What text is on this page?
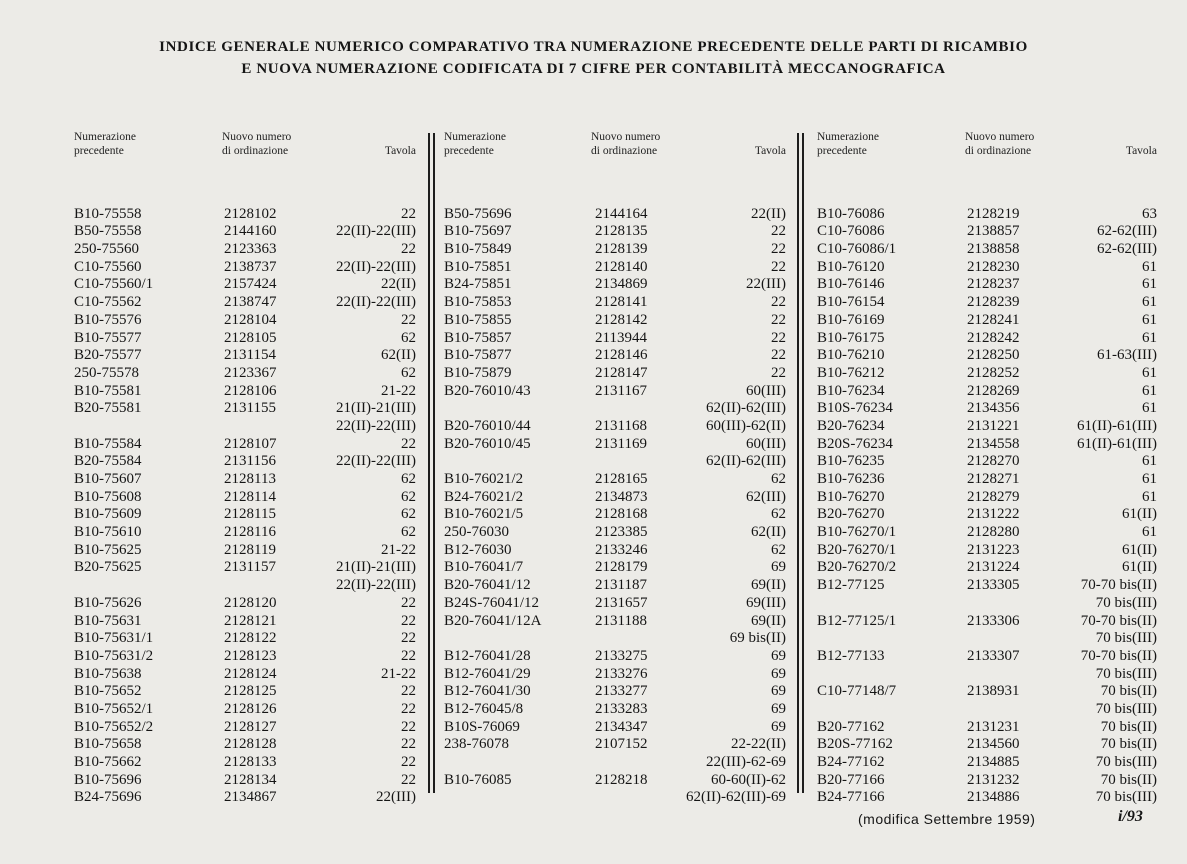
INDICE GENERALE NUMERICO COMPARATIVO TRA NUMERAZIONE PRECEDENTE DELLE PARTI DI RICAMBIO
E NUOVA NUMERAZIONE CODIFICATA DI 7 CIFRE PER CONTABILITÀ MECCANOGRAFICA
Numerazione
precedente
Nuovo numero
di ordinazione	Tavola
B10-75558	2128102	22
B50-75558	2144160	22(II)-22(III)
250-75560	2123363	22
C10-75560	2138737	22(II)-22(III)
C10-75560/1	2157424	22(II)
C10-75562	2138747	22(II)-22(III)
B10-75576	2128104	22
B10-75577	2128105	62
B20-75577	2131154	62(II)
250-75578	2123367	62
B10-75581	2128106	21-22
B20-75581	2131155	21(II)-21(III)
22(II)-22(III)
B10-75584	2128107	22
B20-75584	2131156	22(II)-22(III)
B10-75607	2128113	62
B10-75608	2128114	62
B10-75609	2128115	62
B10-75610	2128116	62
B10-75625	2128119	21-22
B20-75625	2131157	21(II)-21(III)
22(II)-22(III)
B10-75626	2128120	22
B10-75631	2128121	22
B10-75631/1	2128122	22
B10-75631/2	2128123	22
B10-75638	2128124	21-22
B10-75652	2128125	22
B10-75652/1	2128126	22
B10-75652/2	2128127	22
B10-75658	2128128	22
B10-75662	2128133	22
B10-75696	2128134	22
B24-75696	2134867	22(III)
Numerazione
precedente
Nuovo numero
di ordinazione	Tavola
B50-75696	2144164	22(II)
B10-75697	2128135	22
B10-75849	2128139	22
B10-75851	2128140	22
B24-75851	2134869	22(III)
B10-75853	2128141	22
B10-75855	2128142	22
B10-75857	2113944	22
B10-75877	2128146	22
B10-75879	2128147	22
B20-76010/43	2131167	60(III)
62(II)-62(III)
B20-76010/44	2131168	60(III)-62(II)
B20-76010/45	2131169	60(III)
62(II)-62(III)
B10-76021/2	2128165	62
B24-76021/2	2134873	62(III)
B10-76021/5	2128168	62
250-76030	2123385	62(II)
B12-76030	2133246	62
B10-76041/7	2128179	69
B20-76041/12	2131187	69(II)
B24S-76041/12	2131657	69(III)
B20-76041/12A	2131188	69(II)
69 bis(II)
B12-76041/28	2133275	69
B12-76041/29	2133276	69
B12-76041/30	2133277	69
B12-76045/8	2133283	69
B10S-76069	2134347	69
238-76078	2107152	22-22(II)
22(III)-62-69
B10-76085	2128218	60-60(II)-62
62(II)-62(III)-69
Numerazione
precedente
Nuovo numero
di ordinazione	Tavola
B10-76086	2128219	63
C10-76086	2138857	62-62(III)
C10-76086/1	2138858	62-62(III)
B10-76120	2128230	61
B10-76146	2128237	61
B10-76154	2128239	61
B10-76169	2128241	61
B10-76175	2128242	61
B10-76210	2128250	61-63(III)
B10-76212	2128252	61
B10-76234	2128269	61
B10S-76234	2134356	61
B20-76234	2131221	61(II)-61(III)
B20S-76234	2134558	61(II)-61(III)
B10-76235	2128270	61
B10-76236	2128271	61
B10-76270	2128279	61
B20-76270	2131222	61(II)
B10-76270/1	2128280	61
B20-76270/1	2131223	61(II)
B20-76270/2	2131224	61(II)
B12-77125	2133305	70-70 bis(II)
70 bis(III)
B12-77125/1	2133306	70-70 bis(II)
70 bis(III)
B12-77133	2133307	70-70 bis(II)
70 bis(III)
C10-77148/7	2138931	70 bis(II)
70 bis(III)
B20-77162	2131231	70 bis(II)
B20S-77162	2134560	70 bis(II)
B24-77162	2134885	70 bis(III)
B20-77166	2131232	70 bis(II)
B24-77166	2134886	70 bis(III)
(modifica Settembre 1959)	i/93
